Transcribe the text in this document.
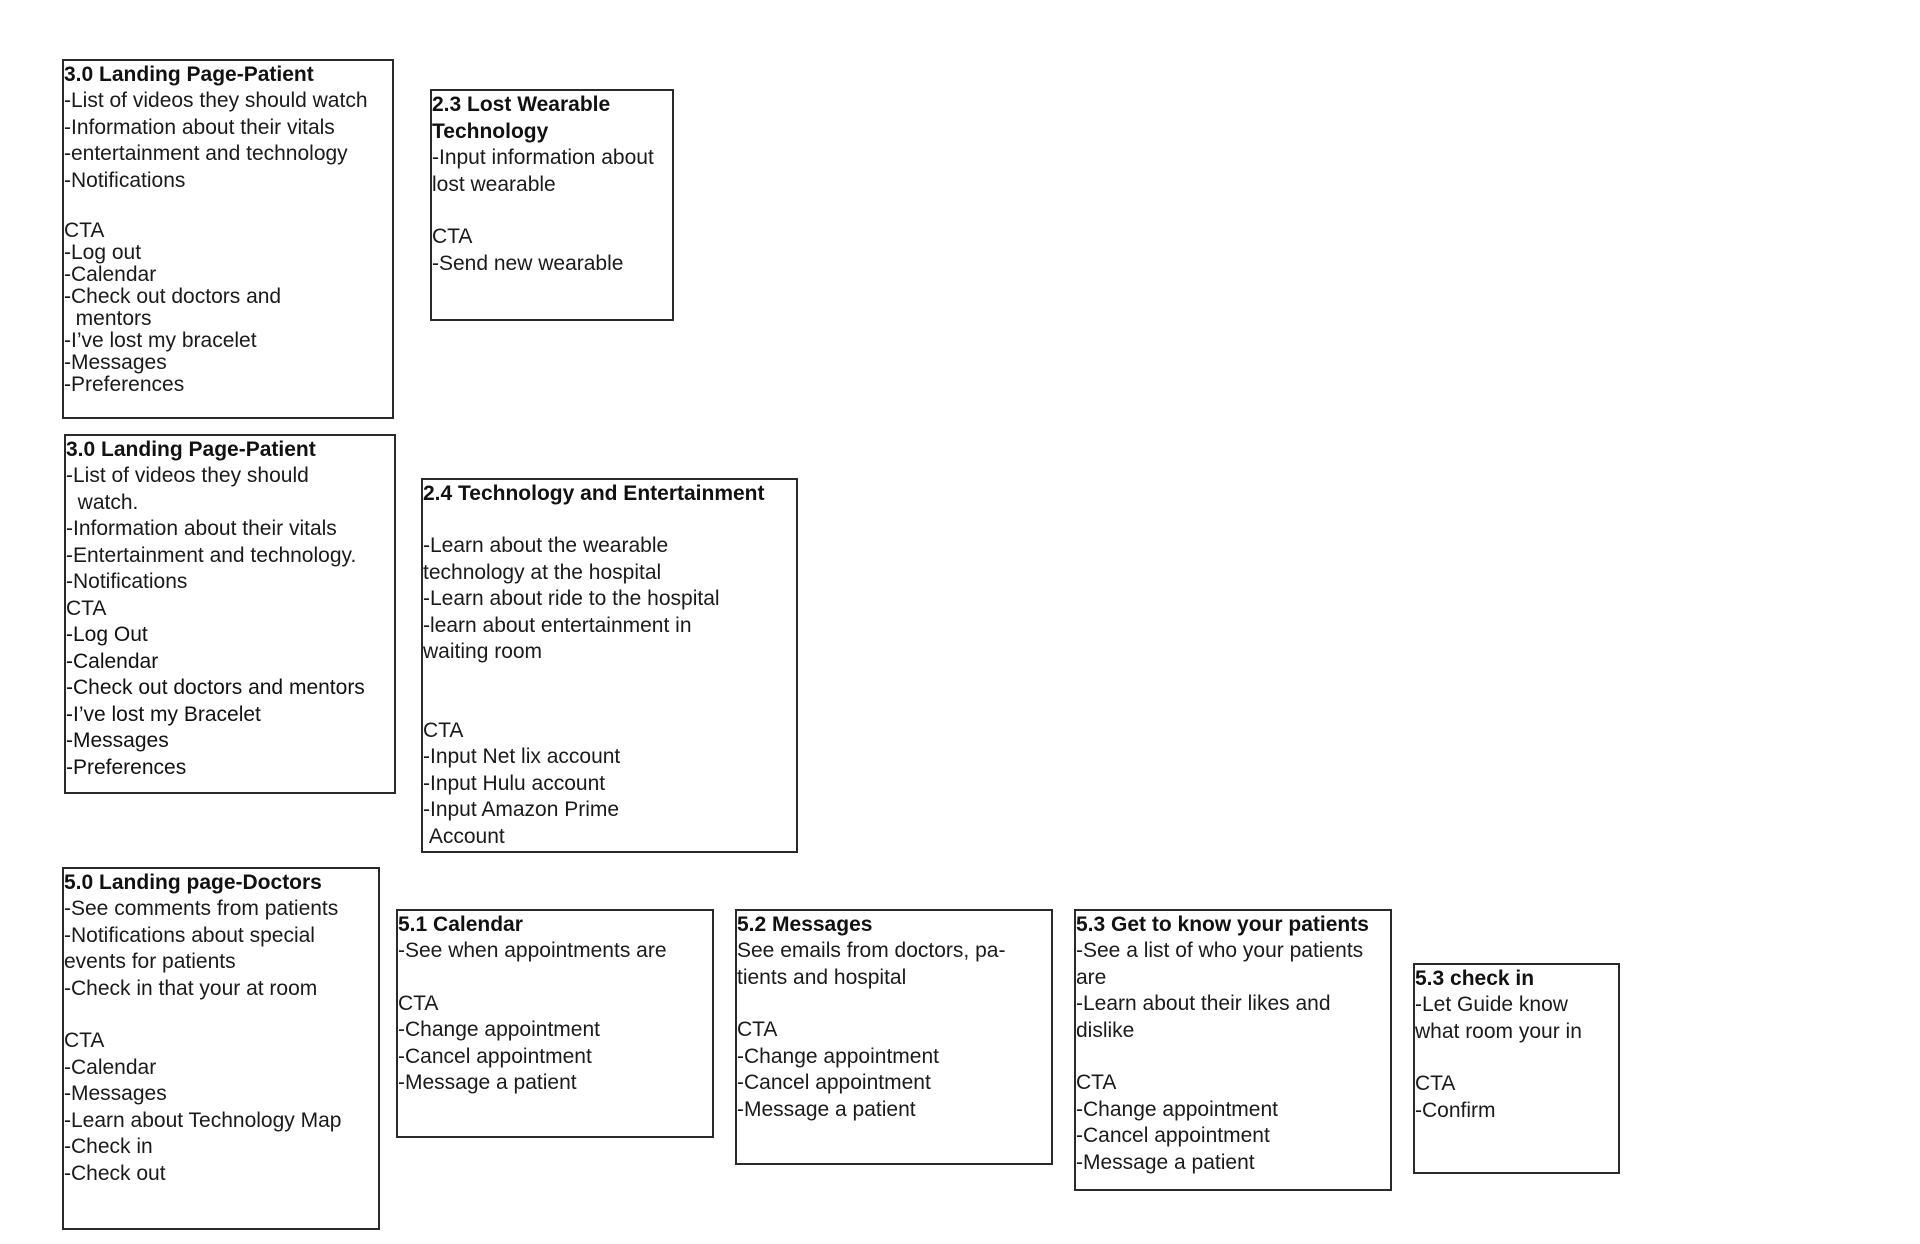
3.0 Landing Page-Patient
-List of videos they should watch
-Information about their vitals
-entertainment and technology
-Notifications
CTA
-Log out
-Calendar
-Check out doctors and
mentors
-I’ve lost my bracelet
-Messages
-Preferences
2.3 Lost Wearable
Technology
-Input information about
lost wearable
CTA
-Send new wearable
3.0 Landing Page-Patient
-List of videos they should
watch.
-Information about their vitals
-Entertainment and technology.
-Notifications
CTA
-Log Out
-Calendar
-Check out doctors and mentors
-I’ve lost my Bracelet
-Messages
-Preferences
2.4 Technology and Entertainment
-Learn about the wearable
technology at the hospital
-Learn about ride to the hospital
-learn about entertainment in
waiting room
CTA
-Input Net lix account
-Input Hulu account
-Input Amazon Prime
Account
5.0 Landing page-Doctors
-See comments from patients
-Notifications about special
events for patients
-Check in that your at room
CTA
-Calendar
-Messages
-Learn about Technology Map
-Check in
-Check out
5.1 Calendar
-See when appointments are
CTA
-Change appointment
-Cancel appointment
-Message a patient
5.2 Messages
See emails from doctors, pa-
tients and hospital
CTA
-Change appointment
-Cancel appointment
-Message a patient
5.3 Get to know your patients
-See a list of who your patients
are
-Learn about their likes and
dislike
CTA
-Change appointment
-Cancel appointment
-Message a patient
5.3 check in
-Let Guide know
what room your in
CTA
-Confirm
